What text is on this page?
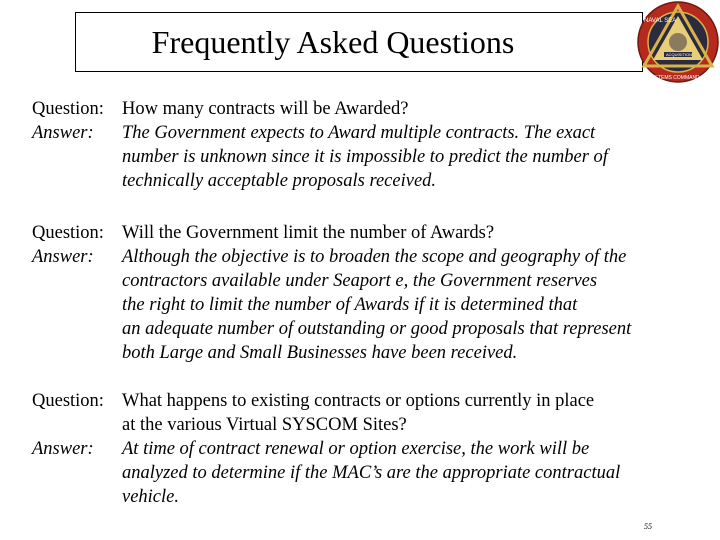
Frequently Asked Questions
NAVAL SEA
SYSTEMS COMMAND
ACQUISITION
Question: How many contracts will be Awarded?
Answer:	The Government expects to Award multiple contracts. The exact
number is unknown since it is impossible to predict the number of
technically acceptable proposals received.
Question: Will the Government limit the number of Awards?
Answer:	Although the objective is to broaden the scope and geography of the
contractors available under Seaport e, the Government reserves
the right to limit the number of Awards if it is determined that
an adequate number of outstanding or good proposals that represent
both Large and Small Businesses have been received.
Question: What happens to existing contracts or options currently in place
at the various Virtual SYSCOM Sites?
Answer:	At time of contract renewal or option exercise, the work will be
analyzed to determine if the MAC’s are the appropriate contractual
vehicle.
55
